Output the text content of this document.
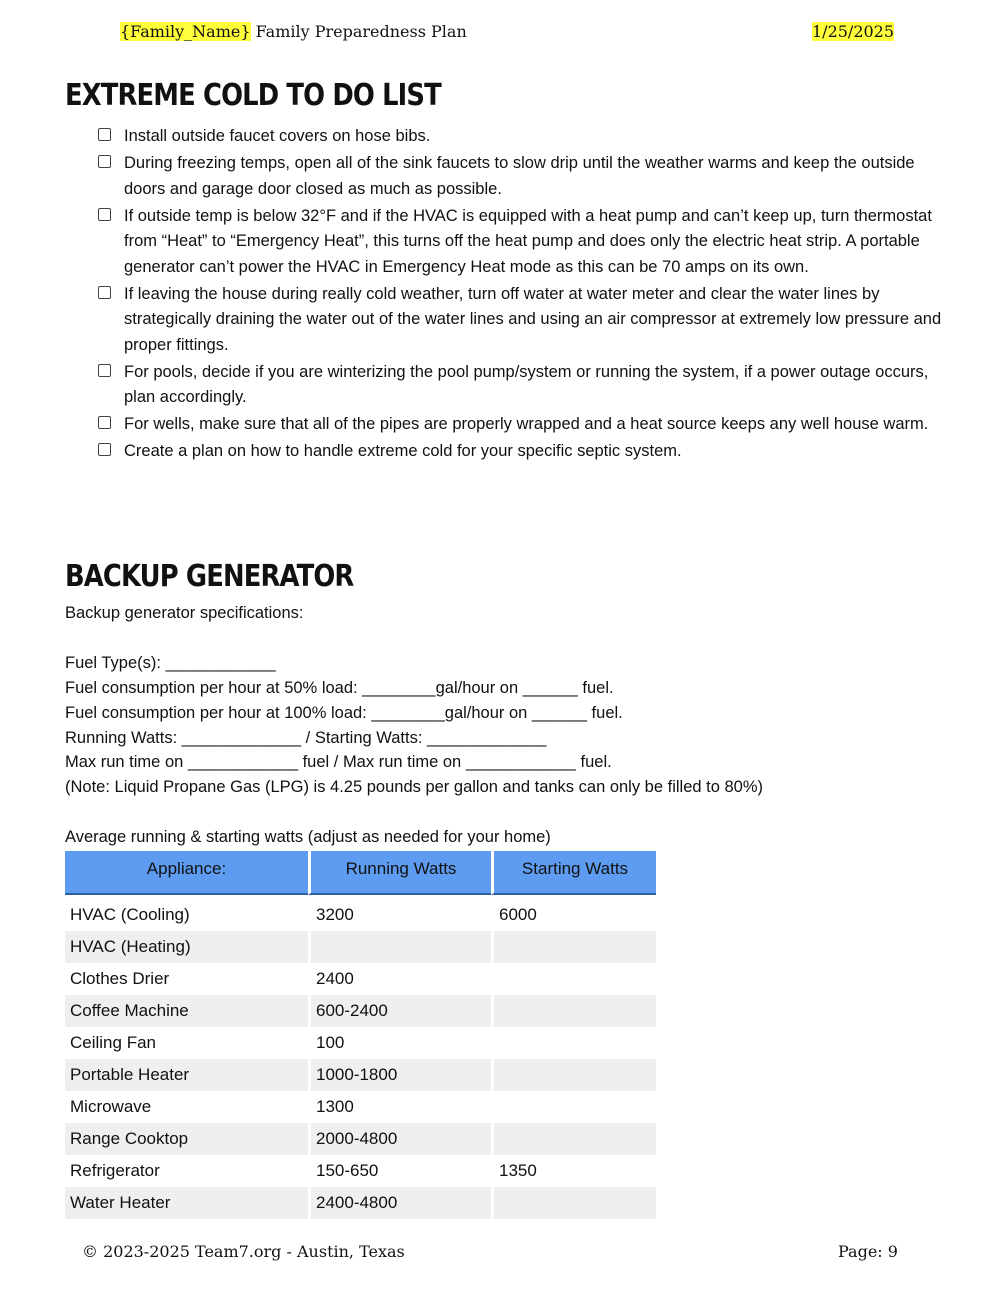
{Family_Name} Family Preparedness Plan	1/25/2025
EXTREME COLD TO DO LIST
Install outside faucet covers on hose bibs.
During freezing temps, open all of the sink faucets to slow drip until the weather warms and keep the outside doors and garage door closed as much as possible.
If outside temp is below 32°F and if the HVAC is equipped with a heat pump and can’t keep up, turn thermostat from “Heat” to “Emergency Heat”, this turns off the heat pump and does only the electric heat strip. A portable generator can’t power the HVAC in Emergency Heat mode as this can be 70 amps on its own.
If leaving the house during really cold weather, turn off water at water meter and clear the water lines by strategically draining the water out of the water lines and using an air compressor at extremely low pressure and proper fittings.
For pools, decide if you are winterizing the pool pump/system or running the system, if a power outage occurs, plan accordingly.
For wells, make sure that all of the pipes are properly wrapped and a heat source keeps any well house warm.
Create a plan on how to handle extreme cold for your specific septic system.
BACKUP GENERATOR
Backup generator specifications:
Fuel Type(s): ____________
Fuel consumption per hour at 50% load: ________gal/hour on ______ fuel.
Fuel consumption per hour at 100% load: ________gal/hour on ______ fuel.
Running Watts: _____________ / Starting Watts: _____________
Max run time on ____________ fuel / Max run time on ____________ fuel.
(Note: Liquid Propane Gas (LPG) is 4.25 pounds per gallon and tanks can only be filled to 80%)
Average running & starting watts (adjust as needed for your home)
Appliance:	Running Watts	Starting Watts
HVAC (Cooling)	3200	6000
HVAC (Heating)		
Clothes Drier	2400	
Coffee Machine	600-2400	
Ceiling Fan	100	
Portable Heater	1000-1800	
Microwave	1300	
Range Cooktop	2000-4800	
Refrigerator	150-650	1350
Water Heater	2400-4800	
© 2023-2025 Team7.org - Austin, Texas	Page: 9
